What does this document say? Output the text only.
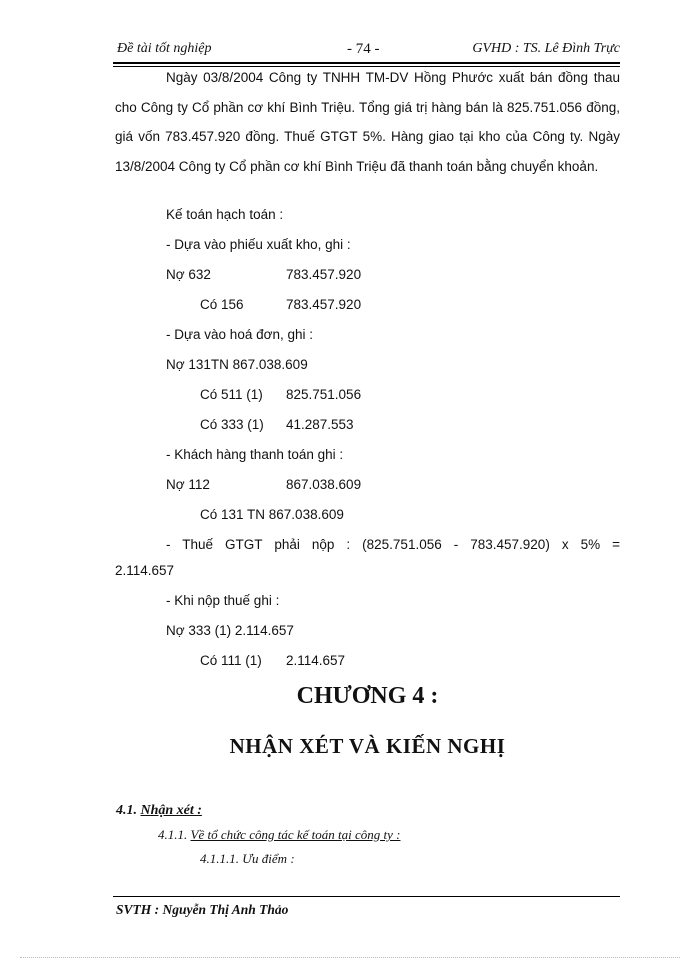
Đề tài tốt nghiệp	- 74 -	GVHD : TS. Lê Đình Trực
Ngày 03/8/2004 Công ty TNHH TM-DV Hồng Phước xuất bán đồng thau cho Công ty Cổ phần cơ khí Bình Triệu. Tổng giá trị hàng bán là 825.751.056 đồng, giá vốn 783.457.920 đồng. Thuế GTGT 5%. Hàng giao tại kho của Công ty. Ngày 13/8/2004 Công ty Cổ phần cơ khí Bình Triệu đã thanh toán bằng chuyển khoản.
Kế toán hạch toán :
- Dựa vào phiếu xuất kho, ghi :
Nợ 632	783.457.920
Có 156	783.457.920
- Dựa vào hoá đơn, ghi :
Nợ 131TN 867.038.609
Có 511 (1) 825.751.056
Có 333 (1) 41.287.553
- Khách hàng thanh toán ghi :
Nợ 112	867.038.609
Có 131 TN 867.038.609
- Thuế GTGT phải nộp : (825.751.056 - 783.457.920) x 5% =
2.114.657
- Khi nộp thuế ghi :
Nợ 333 (1) 2.114.657
Có 111 (1) 2.114.657
CHƯƠNG 4 :
NHẬN XÉT VÀ KIẾN NGHỊ
4.1. Nhận xét :
4.1.1. Về tổ chức công tác kế toán tại công ty :
4.1.1.1. Ưu điểm :
SVTH : Nguyễn Thị Anh Thảo
